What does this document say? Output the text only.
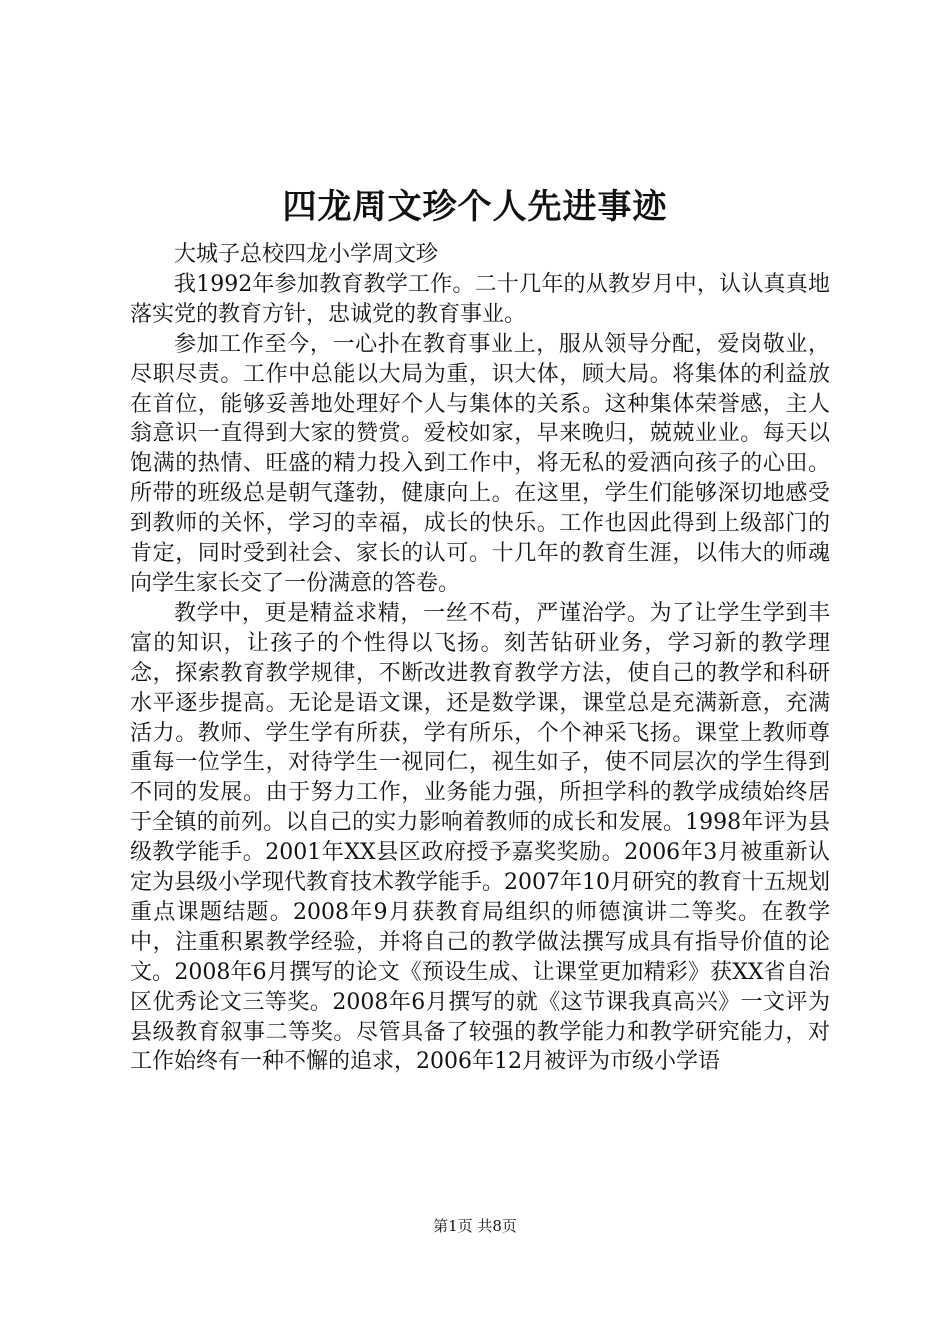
四龙周文珍个人先进事迹

大城子总校四龙小学周文珍

我1992年参加教育教学工作。二十几年的从教岁月中，认认真真地落实党的教育方针，忠诚党的教育事业。

参加工作至今，一心扑在教育事业上，服从领导分配，爱岗敬业，尽职尽责。工作中总能以大局为重，识大体，顾大局。将集体的利益放在首位，能够妥善地处理好个人与集体的关系。这种集体荣誉感，主人翁意识一直得到大家的赞赏。爱校如家，早来晚归，兢兢业业。每天以饱满的热情、旺盛的精力投入到工作中，将无私的爱洒向孩子的心田。所带的班级总是朝气蓬勃，健康向上。在这里，学生们能够深切地感受到教师的关怀，学习的幸福，成长的快乐。工作也因此得到上级部门的肯定，同时受到社会、家长的认可。十几年的教育生涯，以伟大的师魂向学生家长交了一份满意的答卷。

教学中，更是精益求精，一丝不苟，严谨治学。为了让学生学到丰富的知识，让孩子的个性得以飞扬。刻苦钻研业务，学习新的教学理念，探索教育教学规律，不断改进教育教学方法，使自己的教学和科研水平逐步提高。无论是语文课，还是数学课，课堂总是充满新意，充满活力。教师、学生学有所获，学有所乐，个个神采飞扬。课堂上教师尊重每一位学生，对待学生一视同仁，视生如子，使不同层次的学生得到不同的发展。由于努力工作，业务能力强，所担学科的教学成绩始终居于全镇的前列。以自己的实力影响着教师的成长和发展。1998年评为县级教学能手。2001年XX县区政府授予嘉奖奖励。2006年3月被重新认定为县级小学现代教育技术教学能手。2007年10月研究的教育十五规划重点课题结题。2008年9月获教育局组织的师德演讲二等奖。在教学中，注重积累教学经验，并将自己的教学做法撰写成具有指导价值的论文。2008年6月撰写的论文《预设生成、让课堂更加精彩》获XX省自治区优秀论文三等奖。2008年6月撰写的就《这节课我真高兴》一文评为县级教育叙事二等奖。尽管具备了较强的教学能力和教学研究能力，对工作始终有一种不懈的追求，2006年12月被评为市级小学语

第1页 共8页
